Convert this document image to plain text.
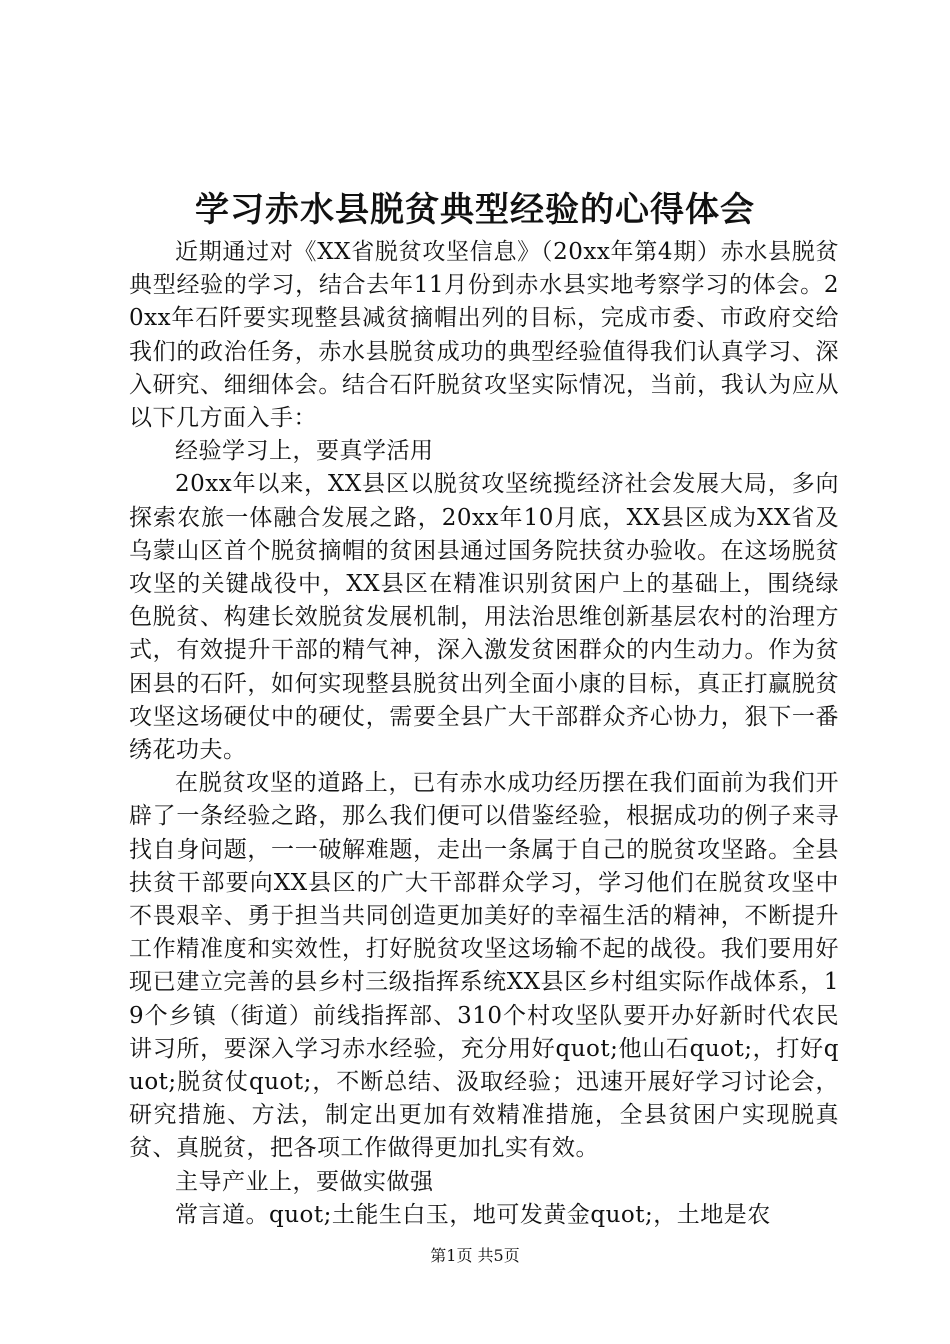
学习赤水县脱贫典型经验的心得体会

近期通过对《XX省脱贫攻坚信息》（20xx年第4期）赤水县脱贫典型经验的学习，结合去年11月份到赤水县实地考察学习的体会。20xx年石阡要实现整县减贫摘帽出列的目标，完成市委、市政府交给我们的政治任务，赤水县脱贫成功的典型经验值得我们认真学习、深入研究、细细体会。结合石阡脱贫攻坚实际情况，当前，我认为应从以下几方面入手：

经验学习上，要真学活用

20xx年以来，XX县区以脱贫攻坚统揽经济社会发展大局，多向探索农旅一体融合发展之路，20xx年10月底，XX县区成为XX省及乌蒙山区首个脱贫摘帽的贫困县通过国务院扶贫办验收。在这场脱贫攻坚的关键战役中，XX县区在精准识别贫困户上的基础上，围绕绿色脱贫、构建长效脱贫发展机制，用法治思维创新基层农村的治理方式，有效提升干部的精气神，深入激发贫困群众的内生动力。作为贫困县的石阡，如何实现整县脱贫出列全面小康的目标，真正打赢脱贫攻坚这场硬仗中的硬仗，需要全县广大干部群众齐心协力，狠下一番绣花功夫。

在脱贫攻坚的道路上，已有赤水成功经历摆在我们面前为我们开辟了一条经验之路，那么我们便可以借鉴经验，根据成功的例子来寻找自身问题，一一破解难题，走出一条属于自己的脱贫攻坚路。全县扶贫干部要向XX县区的广大干部群众学习，学习他们在脱贫攻坚中不畏艰辛、勇于担当共同创造更加美好的幸福生活的精神，不断提升工作精准度和实效性，打好脱贫攻坚这场输不起的战役。我们要用好现已建立完善的县乡村三级指挥系统XX县区乡村组实际作战体系，19个乡镇（街道）前线指挥部、310个村攻坚队要开办好新时代农民讲习所，要深入学习赤水经验，充分用好quot;他山石quot;，打好quot;脱贫仗quot;，不断总结、汲取经验；迅速开展好学习讨论会，研究措施、方法，制定出更加有效精准措施，全县贫困户实现脱真贫、真脱贫，把各项工作做得更加扎实有效。

主导产业上，要做实做强

常言道。quot;土能生白玉，地可发黄金quot;，土地是农

第1页 共5页
